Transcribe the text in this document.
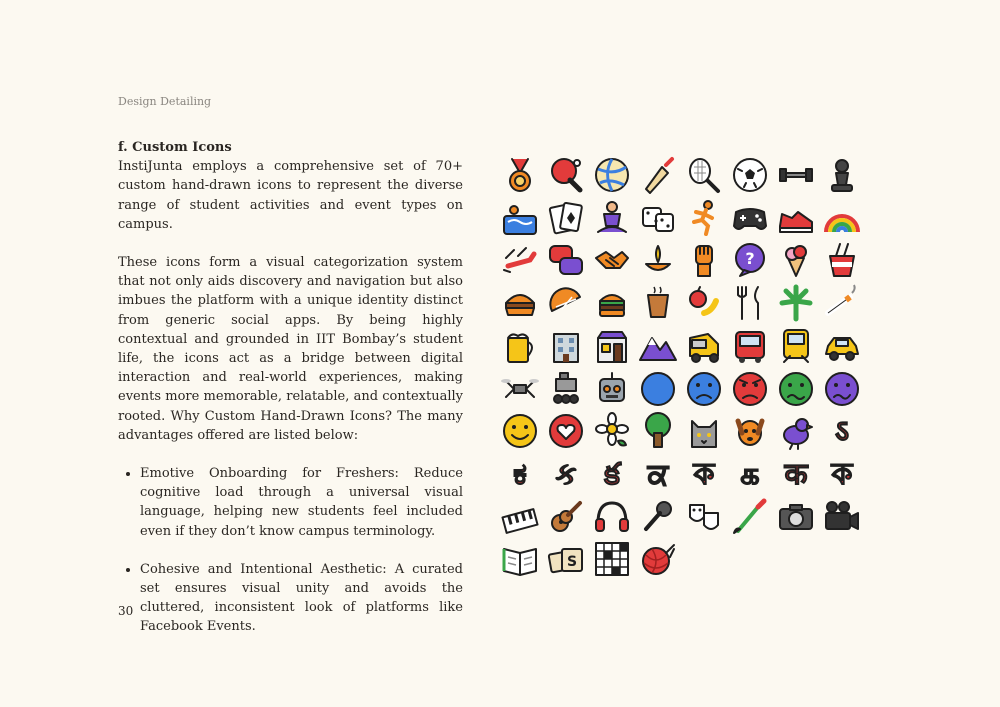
Design Detailing
f. Custom Icons

InstiJunta employs a comprehensive set of 70+ custom hand-drawn icons to represent the diverse range of student activities and event types on campus.

These icons form a visual categorization system that not only aids discovery and navigation but also imbues the platform with a unique identity distinct from generic social apps. By being highly contextual and grounded in IIT Bombay’s student life, the icons act as a bridge between digital interaction and real-world experiences, making events more memorable, relatable, and contextually rooted. Why Custom Hand-Drawn Icons? The many advantages offered are listed below:

• Emotive Onboarding for Freshers: Reduce cognitive load through a universal visual language, helping new students feel included even if they don’t know campus terminology.
• Cohesive and Intentional Aesthetic: A curated set ensures visual unity and avoids the cluttered, inconsistent look of platforms like Facebook Events.
30
?
ऽ
ಕ ક క ਕ ক க क ক
S
